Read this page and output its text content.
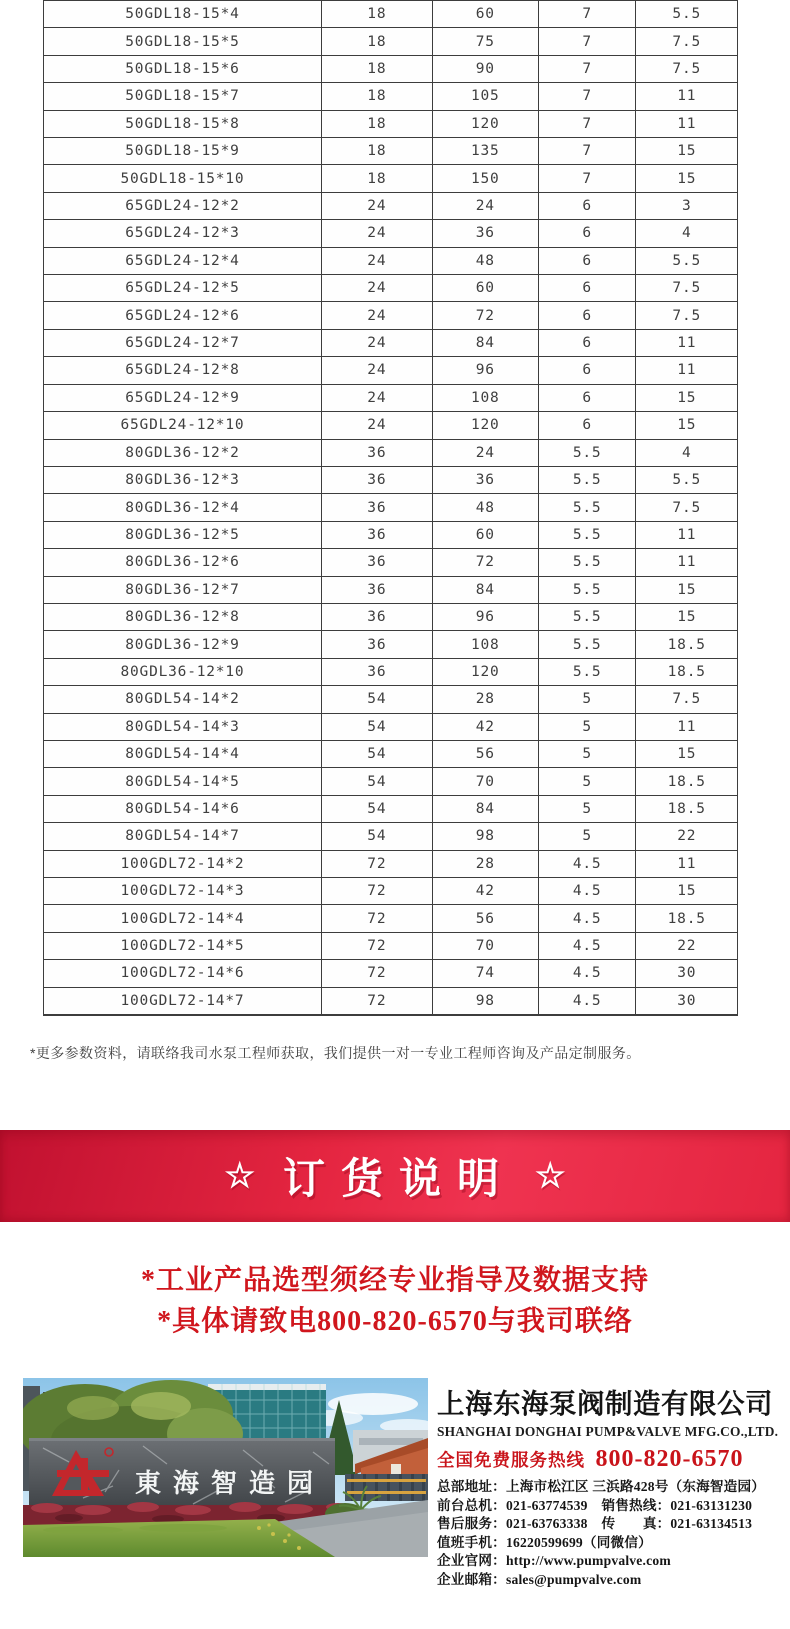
50GDL18-15*4	18	60	7	5.5
50GDL18-15*5	18	75	7	7.5
50GDL18-15*6	18	90	7	7.5
50GDL18-15*7	18	105	7	11
50GDL18-15*8	18	120	7	11
50GDL18-15*9	18	135	7	15
50GDL18-15*10	18	150	7	15
65GDL24-12*2	24	24	6	3
65GDL24-12*3	24	36	6	4
65GDL24-12*4	24	48	6	5.5
65GDL24-12*5	24	60	6	7.5
65GDL24-12*6	24	72	6	7.5
65GDL24-12*7	24	84	6	11
65GDL24-12*8	24	96	6	11
65GDL24-12*9	24	108	6	15
65GDL24-12*10	24	120	6	15
80GDL36-12*2	36	24	5.5	4
80GDL36-12*3	36	36	5.5	5.5
80GDL36-12*4	36	48	5.5	7.5
80GDL36-12*5	36	60	5.5	11
80GDL36-12*6	36	72	5.5	11
80GDL36-12*7	36	84	5.5	15
80GDL36-12*8	36	96	5.5	15
80GDL36-12*9	36	108	5.5	18.5
80GDL36-12*10	36	120	5.5	18.5
80GDL54-14*2	54	28	5	7.5
80GDL54-14*3	54	42	5	11
80GDL54-14*4	54	56	5	15
80GDL54-14*5	54	70	5	18.5
80GDL54-14*6	54	84	5	18.5
80GDL54-14*7	54	98	5	22
100GDL72-14*2	72	28	4.5	11
100GDL72-14*3	72	42	4.5	15
100GDL72-14*4	72	56	4.5	18.5
100GDL72-14*5	72	70	4.5	22
100GDL72-14*6	72	74	4.5	30
100GDL72-14*7	72	98	4.5	30
*更多参数资料，请联络我司水泵工程师获取，我们提供一对一专业工程师咨询及产品定制服务。
☆ 订货说明 ☆
*工业产品选型须经专业指导及数据支持
*具体请致电800-820-6570与我司联络
東海智造园
上海东海泵阀制造有限公司
SHANGHAI DONGHAI PUMP&VALVE MFG.CO.,LTD.
全国免费服务热线 800-820-6570
总部地址：上海市松江区 三浜路428号（东海智造园）
前台总机：021-63774539　销售热线：021-63131230
售后服务：021-63763338　传　　真：021-63134513
值班手机：16220599699（同微信）
企业官网：http://www.pumpvalve.com
企业邮箱：sales@pumpvalve.com
